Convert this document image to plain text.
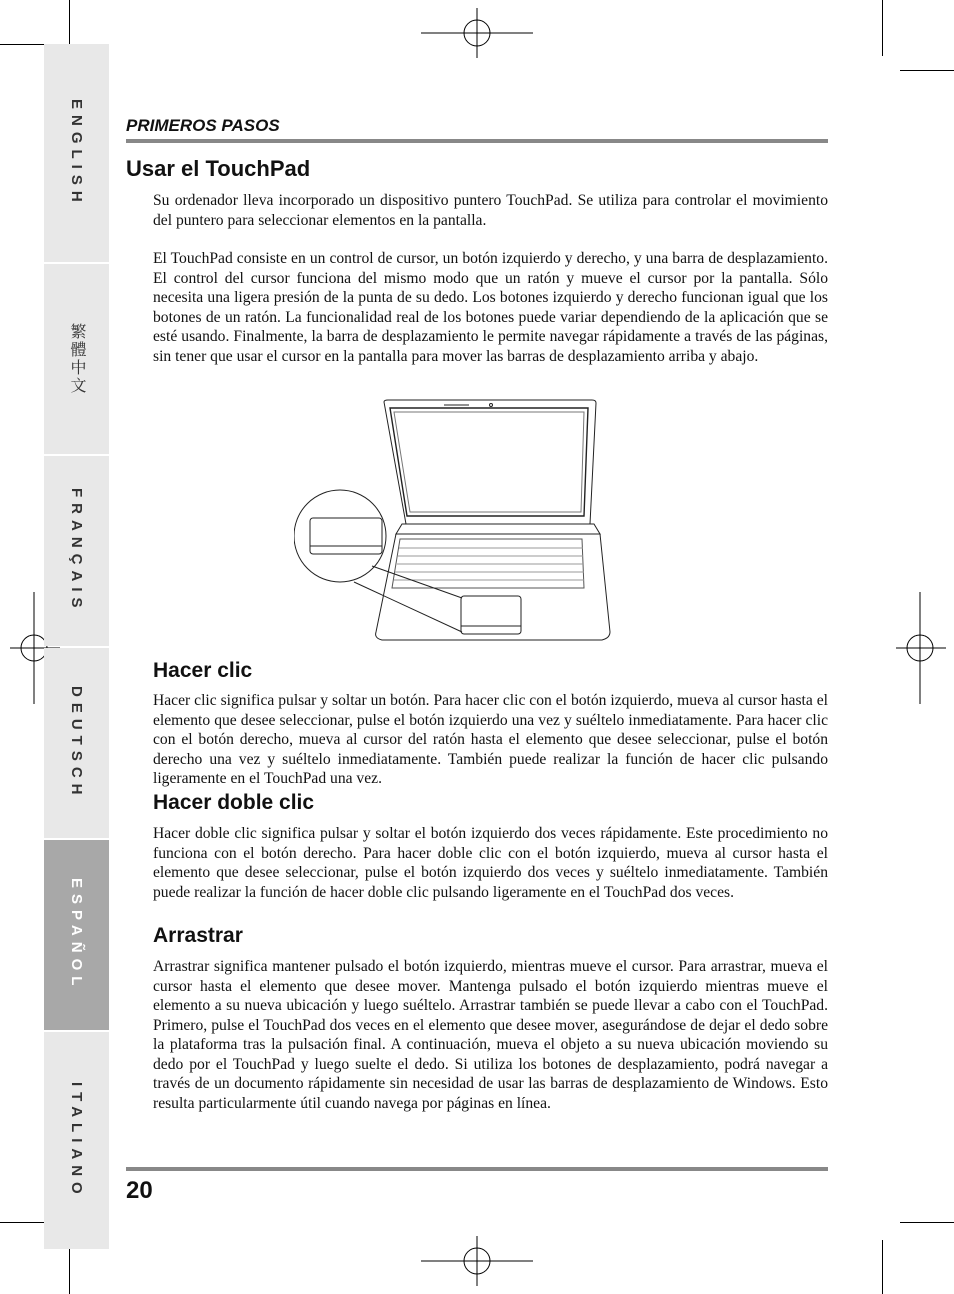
ENGLISH
繁體中文
FRANÇAIS
DEUTSCH
ESPAÑOL
ITALIANO
PRIMEROS PASOS
Usar el TouchPad
Su ordenador lleva incorporado un dispositivo puntero TouchPad. Se utiliza para controlar el movimiento del puntero para seleccionar elementos en la pantalla.
El TouchPad consiste en un control de cursor, un botón izquierdo y derecho, y una barra de desplazamiento. El control del cursor funciona del mismo modo que un ratón y mueve el cursor por la pantalla. Sólo necesita una ligera presión de la punta de su dedo. Los botones izquierdo y derecho funcionan igual que los botones de un ratón. La funcionalidad real de los botones puede variar dependiendo de la aplicación que se esté usando. Finalmente, la barra de desplazamiento le permite navegar rápidamente a través de las páginas, sin tener que usar el cursor en la pantalla para mover las barras de desplazamiento arriba y abajo.
Hacer clic
Hacer clic significa pulsar y soltar un botón. Para hacer clic con el botón izquierdo, mueva al cursor hasta el elemento que desee seleccionar, pulse el botón izquierdo una vez y suéltelo inmediatamente. Para hacer clic con el botón derecho, mueva al cursor del ratón hasta el elemento que desee seleccionar, pulse el botón derecho una vez y suéltelo inmediatamente. También puede realizar la función de hacer clic pulsando ligeramente en el TouchPad una vez.
Hacer doble clic
Hacer doble clic significa pulsar y soltar el botón izquierdo dos veces rápidamente. Este procedimiento no funciona con el botón derecho. Para hacer doble clic con el botón izquierdo, mueva al cursor hasta el elemento que desee seleccionar, pulse el botón izquierdo dos veces y suéltelo inmediatamente. También puede realizar la función de hacer doble clic pulsando ligeramente en el TouchPad dos veces.
Arrastrar
Arrastrar significa mantener pulsado el botón izquierdo, mientras mueve el cursor. Para arrastrar, mueva el cursor hasta el elemento que desee mover. Mantenga pulsado el botón izquierdo mientras mueve el elemento a su nueva ubicación y luego suéltelo. Arrastrar también se puede llevar a cabo con el TouchPad. Primero, pulse el TouchPad dos veces en el elemento que desee mover, asegurándose de dejar el dedo sobre la plataforma tras la pulsación final. A continuación, mueva el objeto a su nueva ubicación moviendo su dedo por el TouchPad y luego suelte el dedo. Si utiliza los botones de desplazamiento, podrá navegar a través de un documento rápidamente sin necesidad de usar las barras de desplazamiento de Windows. Esto resulta particularmente útil cuando navega por páginas en línea.
20
